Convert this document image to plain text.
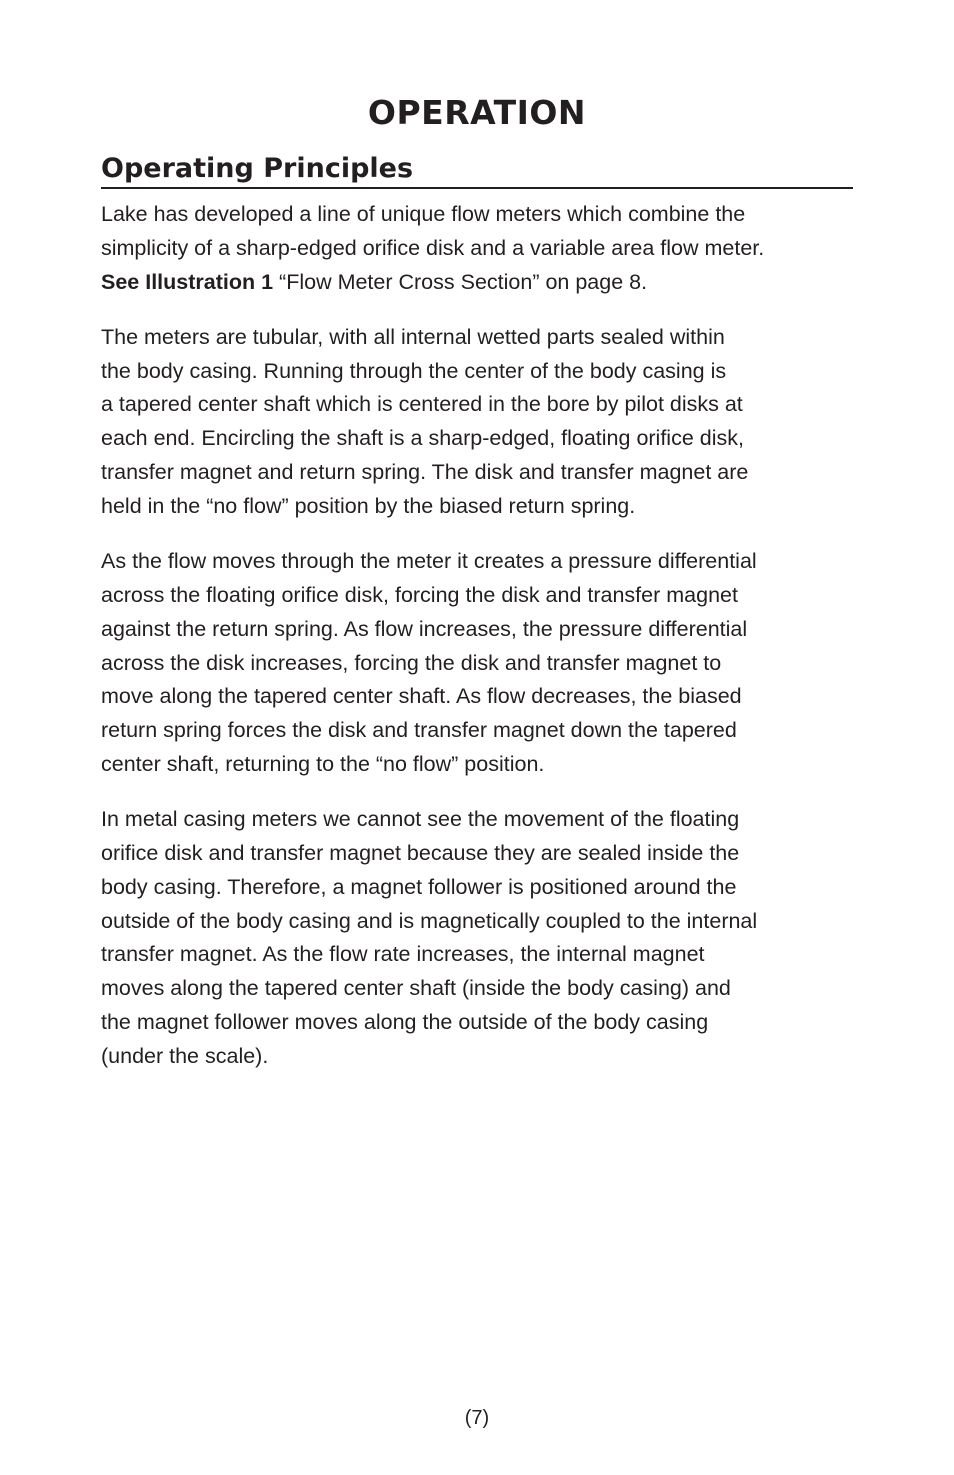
OPERATION
Operating Principles

Lake has developed a line of unique flow meters which combine the
simplicity of a sharp-edged orifice disk and a variable area flow meter.
See Illustration 1 “Flow Meter Cross Section” on page 8.

The meters are tubular, with all internal wetted parts sealed within
the body casing. Running through the center of the body casing is
a tapered center shaft which is centered in the bore by pilot disks at
each end. Encircling the shaft is a sharp-edged, floating orifice disk,
transfer magnet and return spring. The disk and transfer magnet are
held in the “no flow” position by the biased return spring.

As the flow moves through the meter it creates a pressure differential
across the floating orifice disk, forcing the disk and transfer magnet
against the return spring. As flow increases, the pressure differential
across the disk increases, forcing the disk and transfer magnet to
move along the tapered center shaft. As flow decreases, the biased
return spring forces the disk and transfer magnet down the tapered
center shaft, returning to the “no flow” position.

In metal casing meters we cannot see the movement of the floating
orifice disk and transfer magnet because they are sealed inside the
body casing. Therefore, a magnet follower is positioned around the
outside of the body casing and is magnetically coupled to the internal
transfer magnet. As the flow rate increases, the internal magnet
moves along the tapered center shaft (inside the body casing) and
the magnet follower moves along the outside of the body casing
(under the scale).

(7)
